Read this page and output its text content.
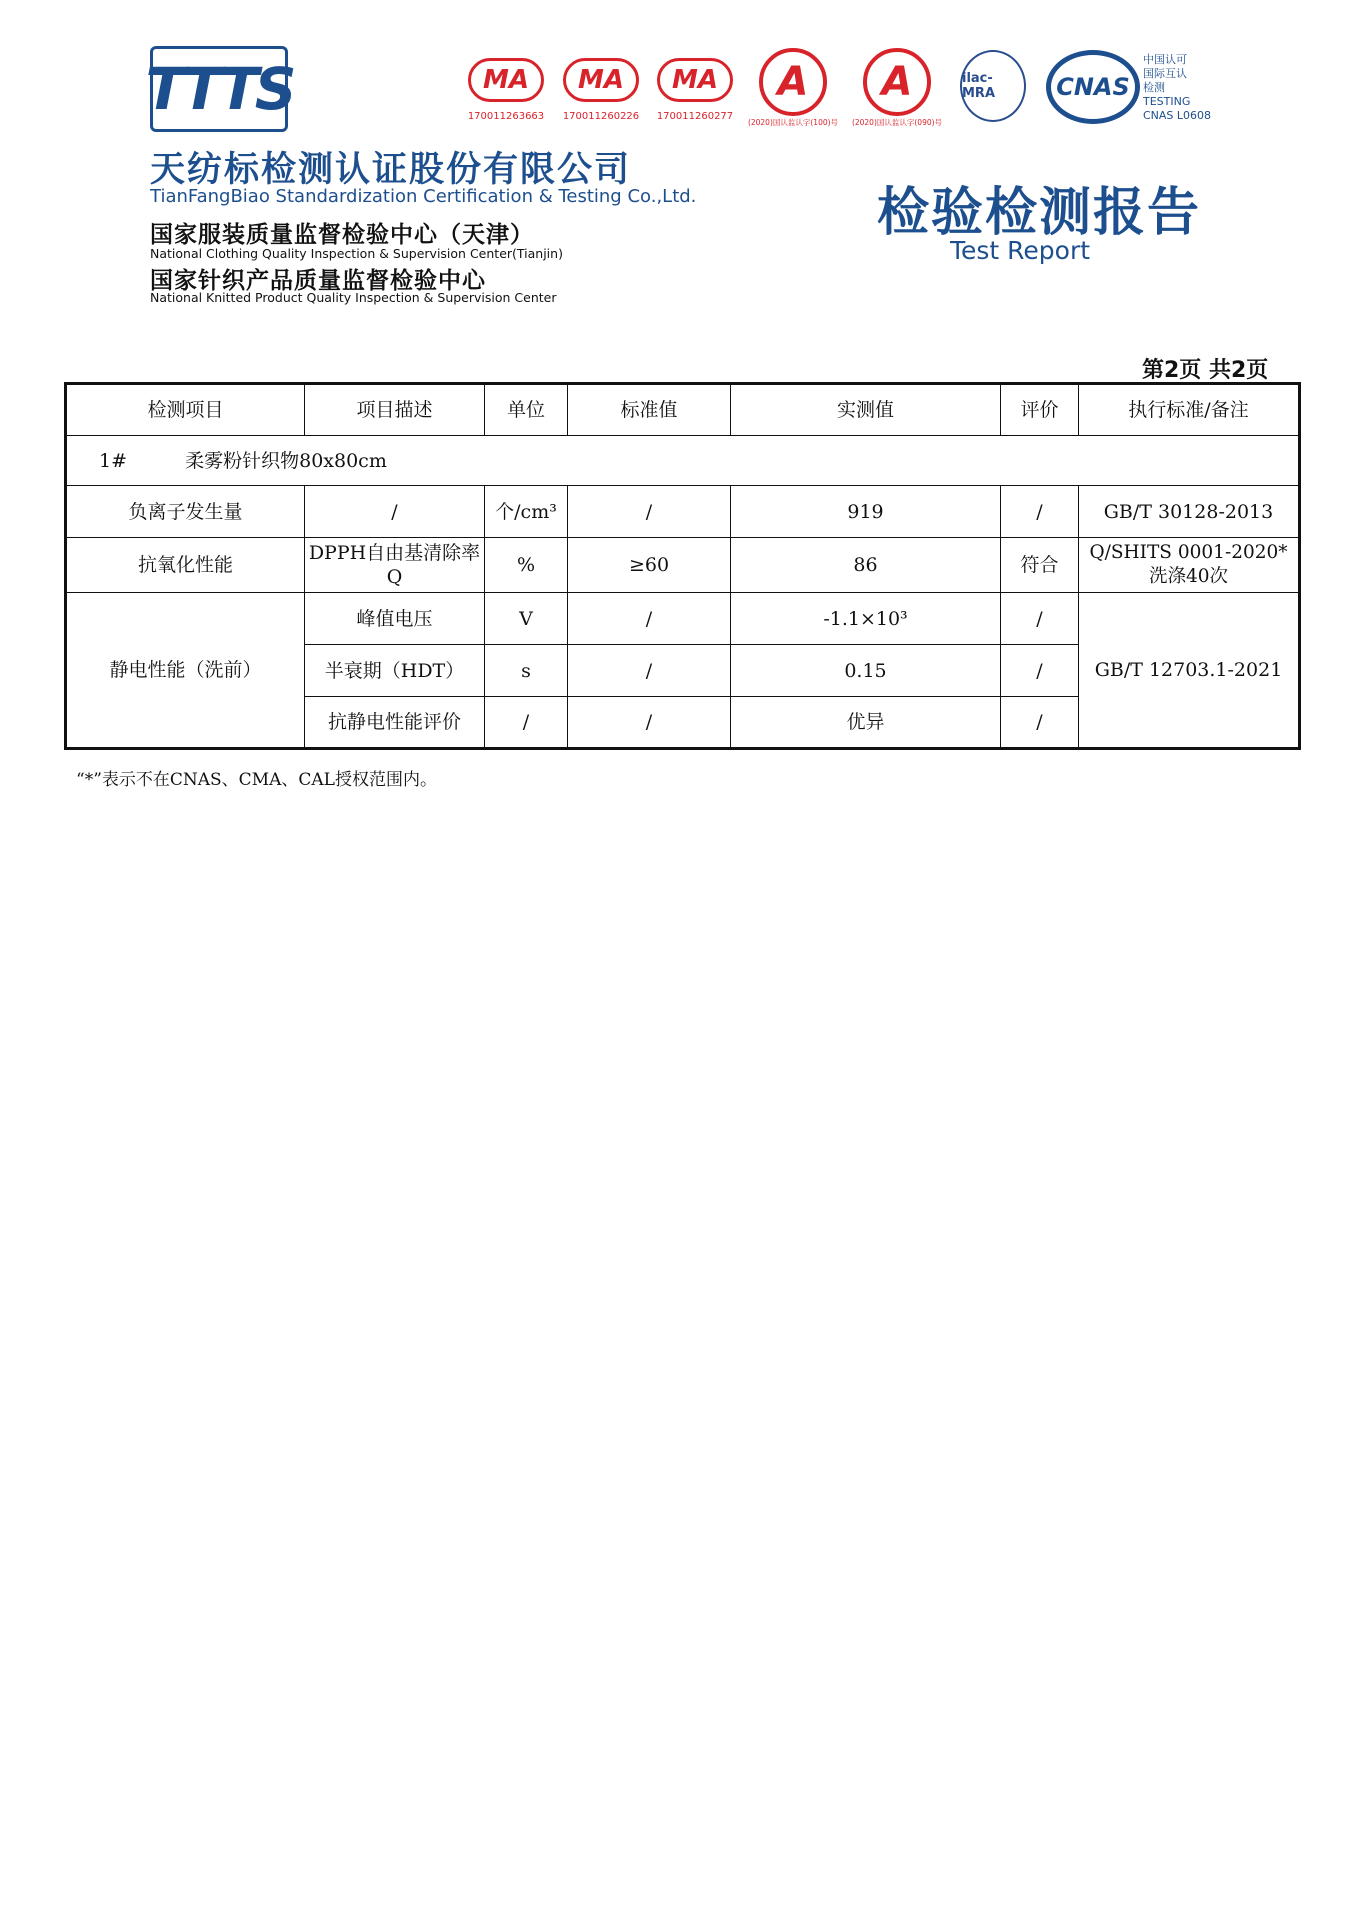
TTTS
天纺标检测认证股份有限公司
TianFangBiao Standardization Certification & Testing Co.,Ltd.
国家服装质量监督检验中心（天津）
National Clothing Quality Inspection & Supervision Center(Tianjin)
国家针织产品质量监督检验中心
National Knitted Product Quality Inspection & Supervision Center
MA
170011263663
MA
170011260226
MA
170011260277
A
(2020)国认监认字(100)号
A
(2020)国认监认字(090)号
ilac-MRA	CNAS
中国认可
国际互认
检测
TESTING
CNAS L0608
检验检测报告
Test Report
第2页 共2页
检测项目	项目描述	单位	标准值	实测值	评价	执行标准/备注
1# 柔雾粉针织物80x80cm						
负离子发生量	/	个/cm³	/	919	/	GB/T 30128-2013
抗氧化性能	DPPH自由基清除率Q	%	≥60	86	符合	Q/SHITS 0001-2020* 洗涤40次
静电性能（洗前）	峰值电压	V	/	-1.1×10³	/	GB/T 12703.1-2021
	半衰期（HDT）	s	/	0.15	/	
	抗静电性能评价	/	/	优异	/	
“*”表示不在CNAS、CMA、CAL授权范围内。
